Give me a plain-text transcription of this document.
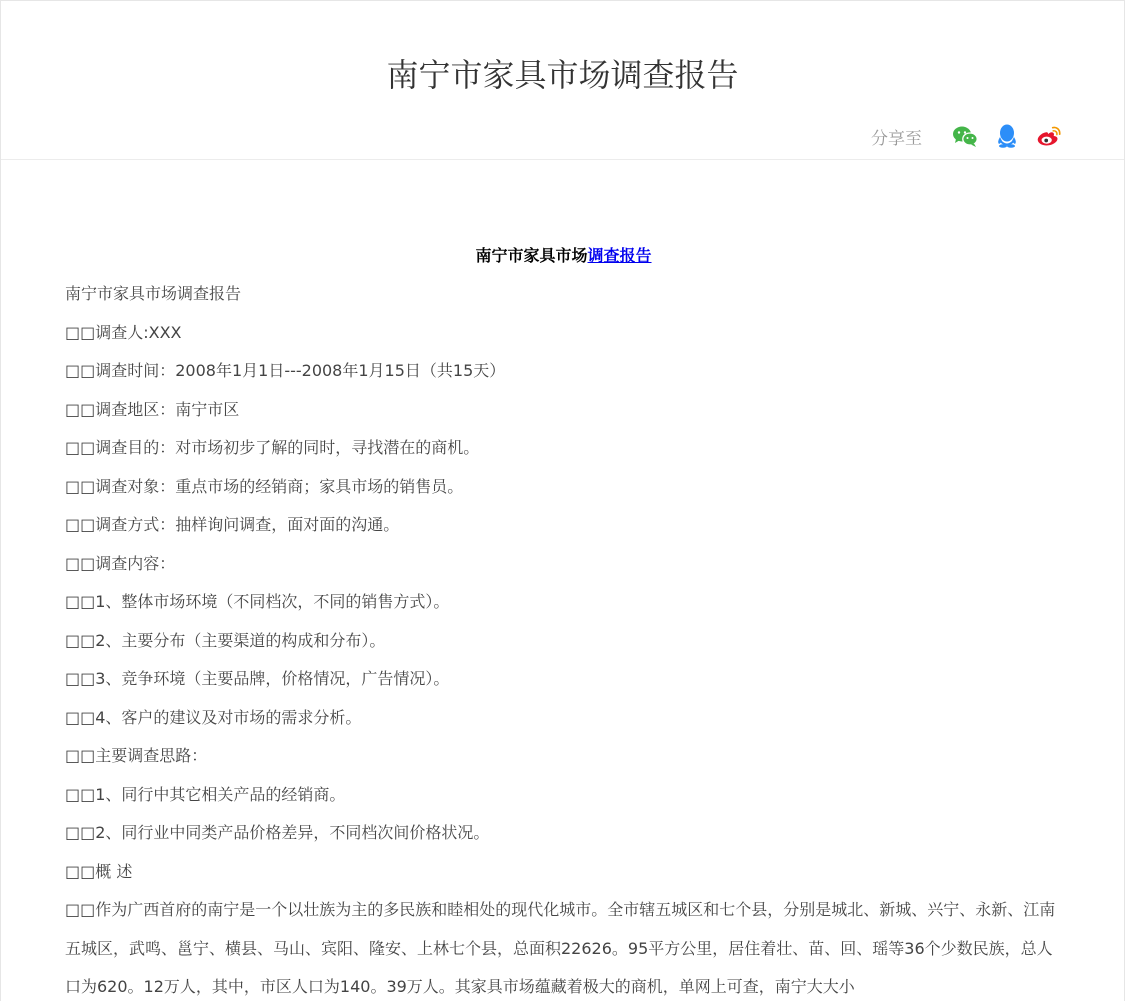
南宁市家具市场调查报告
分享至
南宁市家具市场调查报告

南宁市家具市场调查报告

□□调查人:XXX

□□调查时间：2008年1月1日---2008年1月15日（共15天）

□□调查地区：南宁市区

□□调查目的：对市场初步了解的同时，寻找潜在的商机。

□□调查对象：重点市场的经销商；家具市场的销售员。

□□调查方式：抽样询问调查，面对面的沟通。

□□调查内容：

□□1、整体市场环境（不同档次，不同的销售方式）。

□□2、主要分布（主要渠道的构成和分布）。

□□3、竞争环境（主要品牌，价格情况，广告情况）。

□□4、客户的建议及对市场的需求分析。

□□主要调查思路：

□□1、同行中其它相关产品的经销商。

□□2、同行业中同类产品价格差异，不同档次间价格状况。

□□概 述

□□作为广西首府的南宁是一个以壮族为主的多民族和睦相处的现代化城市。全市辖五城区和七个县，分别是城北、新城、兴宁、永新、江南五城区，武鸣、邕宁、横县、马山、宾阳、隆安、上林七个县，总面积22626。95平方公里，居住着壮、苗、回、瑶等36个少数民族，总人口为620。12万人，其中，市区人口为140。39万人。其家具市场蕴藏着极大的商机，单网上可查，南宁大大小
